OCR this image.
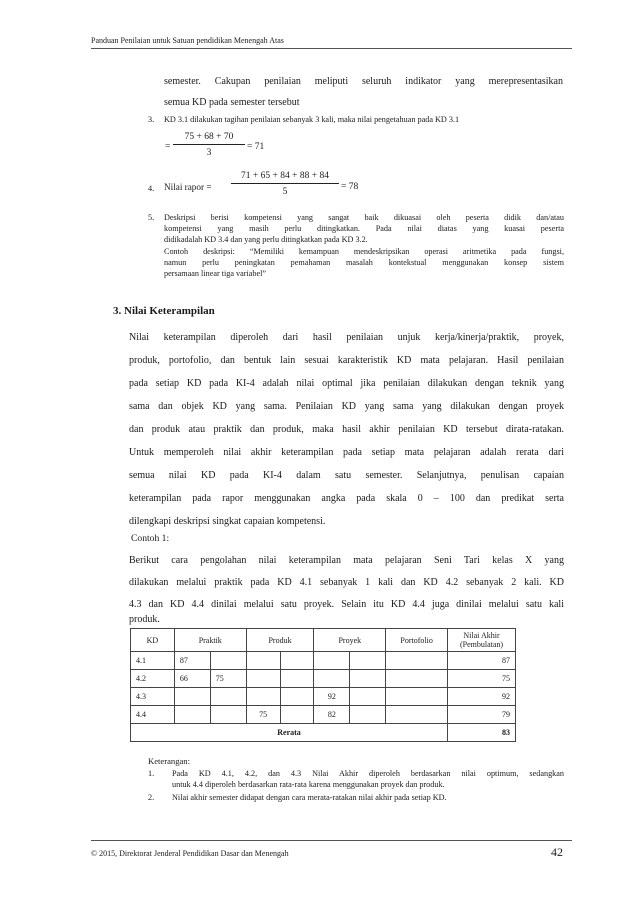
Panduan Penilaian untuk Satuan pendidikan Menengah Atas
semester. Cakupan penilaian meliputi seluruh indikator yang merepresentasikan
semua KD pada semester tersebut
3. KD 3.1 dilakukan tagihan penilaian sebanyak 3 kali, maka nilai pengetahuan pada KD 3.1
=
75 + 68 + 70
3
= 71
4. Nilai rapor =
71 + 65 + 84 + 88 + 84
5	= 78
5. Deskripsi berisi kompetensi yang sangat baik dikuasai oleh peserta didik dan/atau
kompetensi yang masih perlu ditingkatkan. Pada nilai diatas yang kuasai peserta
didikadalah KD 3.4 dan yang perlu ditingkatkan pada KD 3.2.
Contoh deskripsi: “Memiliki kemampuan mendeskripsikan operasi aritmetika pada fungsi,
namun perlu peningkatan pemahaman masalah kontekstual menggunakan konsep sistem
persamaan linear tiga variabel”
3. Nilai Keterampilan
Nilai keterampilan diperoleh dari hasil penilaian unjuk kerja/kinerja/praktik, proyek,
produk, portofolio, dan bentuk lain sesuai karakteristik KD mata pelajaran. Hasil penilaian
pada setiap KD pada KI-4 adalah nilai optimal jika penilaian dilakukan dengan teknik yang
sama dan objek KD yang sama. Penilaian KD yang sama yang dilakukan dengan proyek
dan produk atau praktik dan produk, maka hasil akhir penilaian KD tersebut dirata-ratakan.
Untuk memperoleh nilai akhir keterampilan pada setiap mata pelajaran adalah rerata dari
semua nilai KD pada KI-4 dalam satu semester. Selanjutnya, penulisan capaian
keterampilan pada rapor menggunakan angka pada skala 0 – 100 dan predikat serta
dilengkapi deskripsi singkat capaian kompetensi.
Contoh 1:
Berikut cara pengolahan nilai keterampilan mata pelajaran Seni Tari kelas X yang
dilakukan melalui praktik pada KD 4.1 sebanyak 1 kali dan KD 4.2 sebanyak 2 kali. KD
4.3 dan KD 4.4 dinilai melalui satu proyek. Selain itu KD 4.4 juga dinilai melalui satu kali
produk.
KD	Praktik		Produk		Proyek		Portofolio	Nilai Akhir
(Pembulatan)
4.1	87							87
4.2	66	75						75
4.3					92			92
4.4			75		82			79
Rerata								83
Keterangan:
1. Pada KD 4.1, 4.2, dan 4.3 Nilai Akhir diperoleh berdasarkan nilai optimum, sedangkan
untuk 4.4 diperoleh berdasarkan rata-rata karena menggunakan proyek dan produk.
2. Nilai akhir semester didapat dengan cara merata-ratakan nilai akhir pada setiap KD.
© 2015, Direktorat Jenderal Pendidikan Dasar dan Menengah	42
